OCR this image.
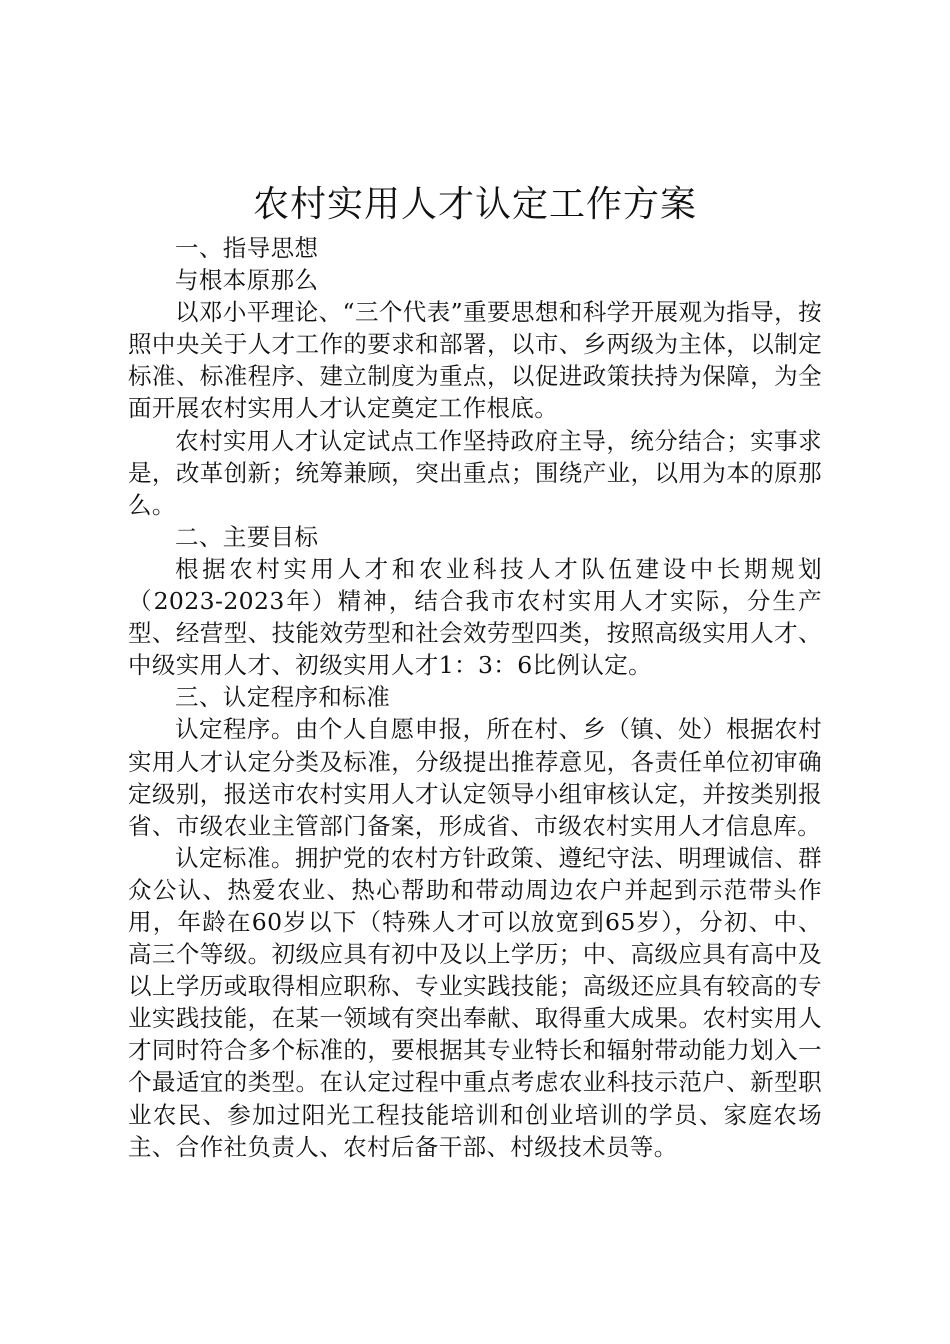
农村实用人才认定工作方案

一、指导思想

与根本原那么

以邓小平理论、“三个代表”重要思想和科学开展观为指导，按照中央关于人才工作的要求和部署，以市、乡两级为主体，以制定标准、标准程序、建立制度为重点，以促进政策扶持为保障，为全面开展农村实用人才认定奠定工作根底。

农村实用人才认定试点工作坚持政府主导，统分结合；实事求是，改革创新；统筹兼顾，突出重点；围绕产业，以用为本的原那么。

二、主要目标

根据农村实用人才和农业科技人才队伍建设中长期规划（2023-2023年）精神，结合我市农村实用人才实际，分生产型、经营型、技能效劳型和社会效劳型四类，按照高级实用人才、中级实用人才、初级实用人才1：3：6比例认定。

三、认定程序和标准

认定程序。由个人自愿申报，所在村、乡（镇、处）根据农村实用人才认定分类及标准，分级提出推荐意见，各责任单位初审确定级别，报送市农村实用人才认定领导小组审核认定，并按类别报省、市级农业主管部门备案，形成省、市级农村实用人才信息库。

认定标准。拥护党的农村方针政策、遵纪守法、明理诚信、群众公认、热爱农业、热心帮助和带动周边农户并起到示范带头作用，年龄在60岁以下（特殊人才可以放宽到65岁），分初、中、高三个等级。初级应具有初中及以上学历；中、高级应具有高中及以上学历或取得相应职称、专业实践技能；高级还应具有较高的专业实践技能，在某一领域有突出奉献、取得重大成果。农村实用人才同时符合多个标准的，要根据其专业特长和辐射带动能力划入一个最适宜的类型。在认定过程中重点考虑农业科技示范户、新型职业农民、参加过阳光工程技能培训和创业培训的学员、家庭农场主、合作社负责人、农村后备干部、村级技术员等。
